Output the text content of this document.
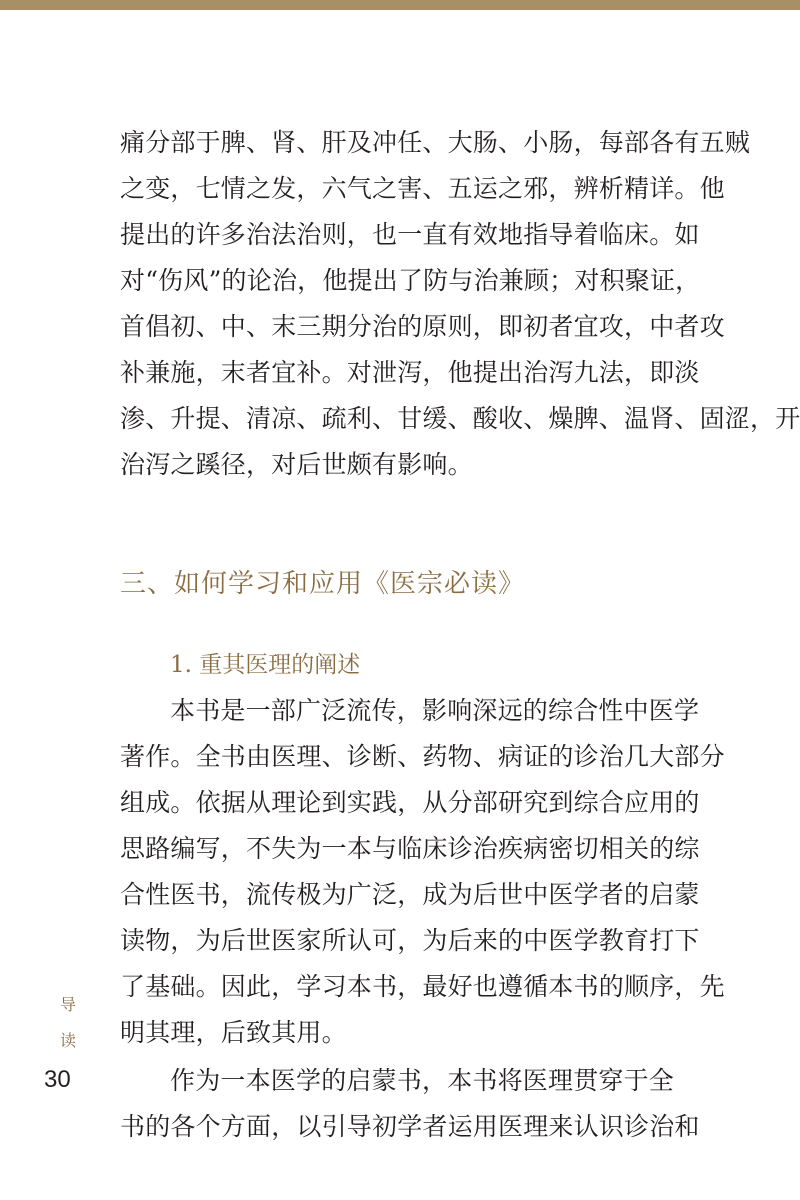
痛分部于脾、肾、肝及冲任、大肠、小肠，每部各有五贼
之变，七情之发，六气之害、五运之邪，辨析精详。他
提出的许多治法治则，也一直有效地指导着临床。如
对“伤风”的论治，他提出了防与治兼顾；对积聚证，
首倡初、中、末三期分治的原则，即初者宜攻，中者攻
补兼施，末者宜补。对泄泻，他提出治泻九法，即淡
渗、升提、清凉、疏利、甘缓、酸收、燥脾、温肾、固涩，开
治泻之蹊径，对后世颇有影响。
三、如何学习和应用《医宗必读》
1. 重其医理的阐述
本书是一部广泛流传，影响深远的综合性中医学
著作。全书由医理、诊断、药物、病证的诊治几大部分
组成。依据从理论到实践，从分部研究到综合应用的
思路编写，不失为一本与临床诊治疾病密切相关的综
合性医书，流传极为广泛，成为后世中医学者的启蒙
读物，为后世医家所认可，为后来的中医学教育打下
了基础。因此，学习本书，最好也遵循本书的顺序，先
明其理，后致其用。
作为一本医学的启蒙书，本书将医理贯穿于全
书的各个方面，以引导初学者运用医理来认识诊治和
导
读
30
